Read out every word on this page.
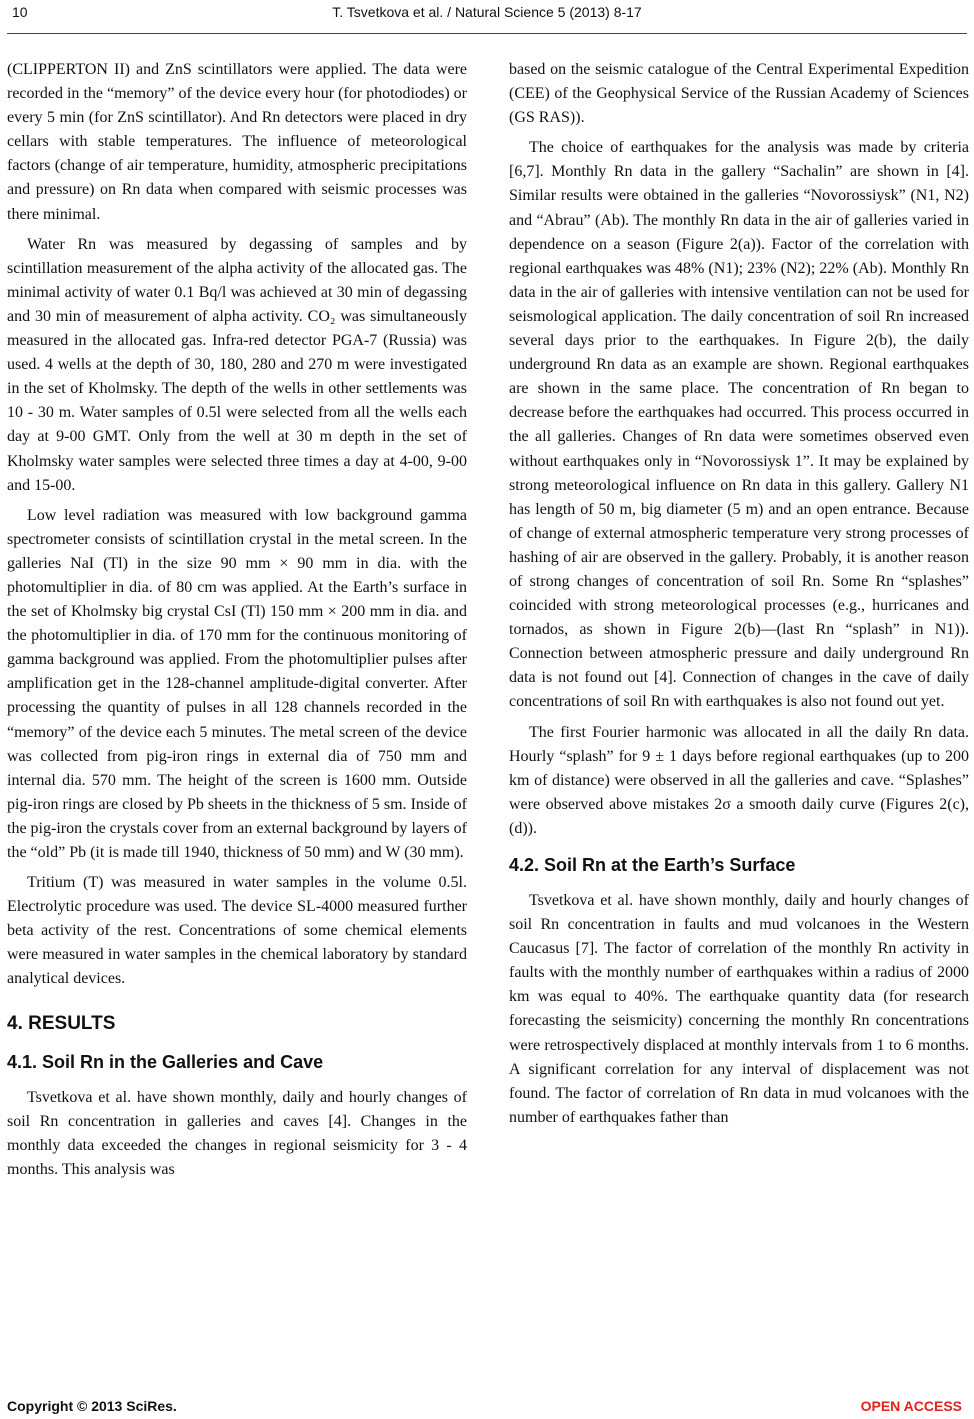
10	T. Tsvetkova et al. / Natural Science 5 (2013) 8-17

(CLIPPERTON II) and ZnS scintillators were applied. The data were recorded in the “memory” of the device every hour (for photodiodes) or every 5 min (for ZnS scintillator). And Rn detectors were placed in dry cellars with stable temperatures. The influence of meteorological factors (change of air temperature, humidity, atmospheric precipitations and pressure) on Rn data when compared with seismic processes was there minimal.

Water Rn was measured by degassing of samples and by scintillation measurement of the alpha activity of the allocated gas. The minimal activity of water 0.1 Bq/l was achieved at 30 min of degassing and 30 min of measurement of alpha activity. CO₂ was simultaneously measured in the allocated gas. Infra-red detector PGA-7 (Russia) was used. 4 wells at the depth of 30, 180, 280 and 270 m were investigated in the set of Kholmsky. The depth of the wells in other settlements was 10 - 30 m. Water samples of 0.5l were selected from all the wells each day at 9-00 GMT. Only from the well at 30 m depth in the set of Kholmsky water samples were selected three times a day at 4-00, 9-00 and 15-00.

Low level radiation was measured with low background gamma spectrometer consists of scintillation crystal in the metal screen. In the galleries NaI (Tl) in the size 90 mm × 90 mm in dia. with the photomultiplier in dia. of 80 cm was applied. At the Earth’s surface in the set of Kholmsky big crystal CsI (Tl) 150 mm × 200 mm in dia. and the photomultiplier in dia. of 170 mm for the continuous monitoring of gamma background was applied. From the photomultiplier pulses after amplification get in the 128-channel amplitude-digital converter. After processing the quantity of pulses in all 128 channels recorded in the “memory” of the device each 5 minutes. The metal screen of the device was collected from pig-iron rings in external dia of 750 mm and internal dia. 570 mm. The height of the screen is 1600 mm. Outside pig-iron rings are closed by Pb sheets in the thickness of 5 sm. Inside of the pig-iron the crystals cover from an external background by layers of the “old” Pb (it is made till 1940, thickness of 50 mm) and W (30 mm).

Tritium (T) was measured in water samples in the volume 0.5l. Electrolytic procedure was used. The device SL-4000 measured further beta activity of the rest. Concentrations of some chemical elements were measured in water samples in the chemical laboratory by standard analytical devices.

4. RESULTS
4.1. Soil Rn in the Galleries and Cave

Tsvetkova et al. have shown monthly, daily and hourly changes of soil Rn concentration in galleries and caves [4]. Changes in the monthly data exceeded the changes in regional seismicity for 3 - 4 months. This analysis was

based on the seismic catalogue of the Central Experimental Expedition (CEE) of the Geophysical Service of the Russian Academy of Sciences (GS RAS)).

The choice of earthquakes for the analysis was made by criteria [6,7]. Monthly Rn data in the gallery “Sachalin” are shown in [4]. Similar results were obtained in the galleries “Novorossiysk” (N1, N2) and “Abrau” (Ab). The monthly Rn data in the air of galleries varied in dependence on a season (Figure 2(a)). Factor of the correlation with regional earthquakes was 48% (N1); 23% (N2); 22% (Ab). Monthly Rn data in the air of galleries with intensive ventilation can not be used for seismological application. The daily concentration of soil Rn increased several days prior to the earthquakes. In Figure 2(b), the daily underground Rn data as an example are shown. Regional earthquakes are shown in the same place. The concentration of Rn began to decrease before the earthquakes had occurred. This process occurred in the all galleries. Changes of Rn data were sometimes observed even without earthquakes only in “Novorossiysk 1”. It may be explained by strong meteorological influence on Rn data in this gallery. Gallery N1 has length of 50 m, big diameter (5 m) and an open entrance. Because of change of external atmospheric temperature very strong processes of hashing of air are observed in the gallery. Probably, it is another reason of strong changes of concentration of soil Rn. Some Rn “splashes” coincided with strong meteorological processes (e.g., hurricanes and tornados, as shown in Figure 2(b)—(last Rn “splash” in N1)). Connection between atmospheric pressure and daily underground Rn data is not found out [4]. Connection of changes in the cave of daily concentrations of soil Rn with earthquakes is also not found out yet.

The first Fourier harmonic was allocated in all the daily Rn data. Hourly “splash” for 9 ± 1 days before regional earthquakes (up to 200 km of distance) were observed in all the galleries and cave. “Splashes” were observed above mistakes 2σ a smooth daily curve (Figures 2(c), (d)).

4.2. Soil Rn at the Earth’s Surface

Tsvetkova et al. have shown monthly, daily and hourly changes of soil Rn concentration in faults and mud volcanoes in the Western Caucasus [7]. The factor of correlation of the monthly Rn activity in faults with the monthly number of earthquakes within a radius of 2000 km was equal to 40%. The earthquake quantity data (for research forecasting the seismicity) concerning the monthly Rn concentrations were retrospectively displaced at monthly intervals from 1 to 6 months. A significant correlation for any interval of displacement was not found. The factor of correlation of Rn data in mud volcanoes with the number of earthquakes father than

Copyright © 2013 SciRes.	OPEN ACCESS
